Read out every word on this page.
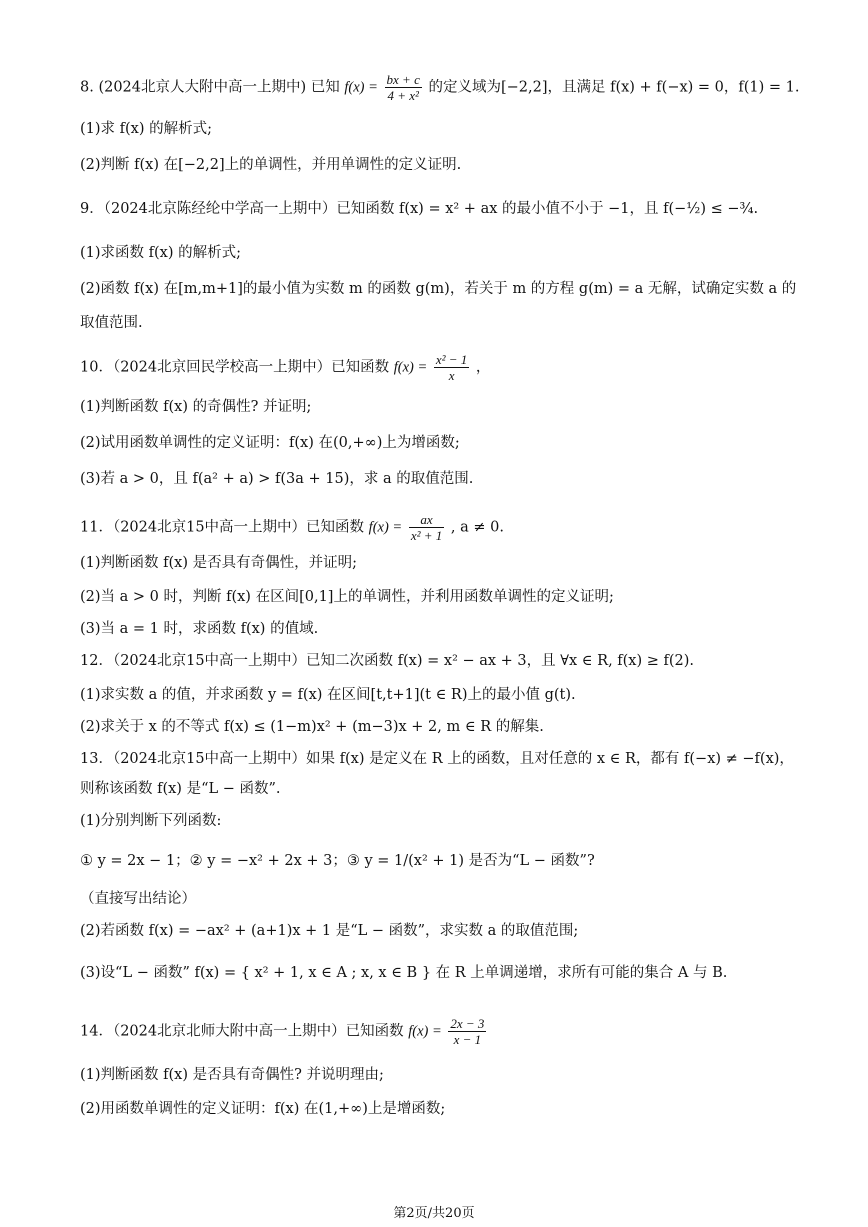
8. (2024北京人大附中高一上期中) 已知 $f(x) = \frac{bx + c}{\text{4 + x²}}$ 的定义域为[−2,2]，且满足 f(x) + f(−x) = 0，f(1) = 1.
(1)求 f(x) 的解析式;
(2)判断 f(x) 在[−2,2]上的单调性，并用单调性的定义证明.
9．（2024北京陈经纶中学高一上期中）已知函数 f(x) = x² + ax 的最小值不小于 −1，且 f(−½) ≤ −¾.
(1)求函数 f(x) 的解析式;
(2)函数 f(x) 在[m,m+1]的最小值为实数 m 的函数 g(m)，若关于 m 的方程 g(m) = a 无解，试确定实数 a 的
取值范围.
10．（2024北京回民学校高一上期中）已知函数 $f(x) = \frac{\text{x² − 1}}{x}$ ，
(1)判断函数 f(x) 的奇偶性? 并证明;
(2)试用函数单调性的定义证明：f(x) 在(0,+∞)上为增函数;
(3)若 a > 0，且 f(a² + a) > f(3a + 15)，求 a 的取值范围.
11．（2024北京15中高一上期中）已知函数 $f(x) = \frac{ax}{\text{x² + 1}}$ , a ≠ 0.
(1)判断函数 f(x) 是否具有奇偶性，并证明;
(2)当 a > 0 时，判断 f(x) 在区间[0,1]上的单调性，并利用函数单调性的定义证明;
(3)当 a = 1 时，求函数 f(x) 的值域.
12．（2024北京15中高一上期中）已知二次函数 f(x) = x² − ax + 3，且 ∀x ∈ R, f(x) ≥ f(2).
(1)求实数 a 的值，并求函数 y = f(x) 在区间[t,t+1](t ∈ R)上的最小值 g(t).
(2)求关于 x 的不等式 f(x) ≤ (1−m)x² + (m−3)x + 2, m ∈ R 的解集.
13．（2024北京15中高一上期中）如果 f(x) 是定义在 R 上的函数，且对任意的 x ∈ R，都有 f(−x) ≠ −f(x)，
则称该函数 f(x) 是“L − 函数”.
(1)分别判断下列函数:
① y = 2x − 1；② y = −x² + 2x + 3；③ y = 1/(x² + 1) 是否为“L − 函数”?
（直接写出结论）
(2)若函数 f(x) = −ax² + (a+1)x + 1 是“L − 函数”，求实数 a 的取值范围;
(3)设“L − 函数” f(x) = { x² + 1, x ∈ A ; x, x ∈ B } 在 R 上单调递增，求所有可能的集合 A 与 B.
14．（2024北京北师大附中高一上期中）已知函数 $f(x) = \frac{2x - 3}{x - 1}$
(1)判断函数 f(x) 是否具有奇偶性? 并说明理由;
(2)用函数单调性的定义证明：f(x) 在(1,+∞)上是增函数;
第2页/共20页
